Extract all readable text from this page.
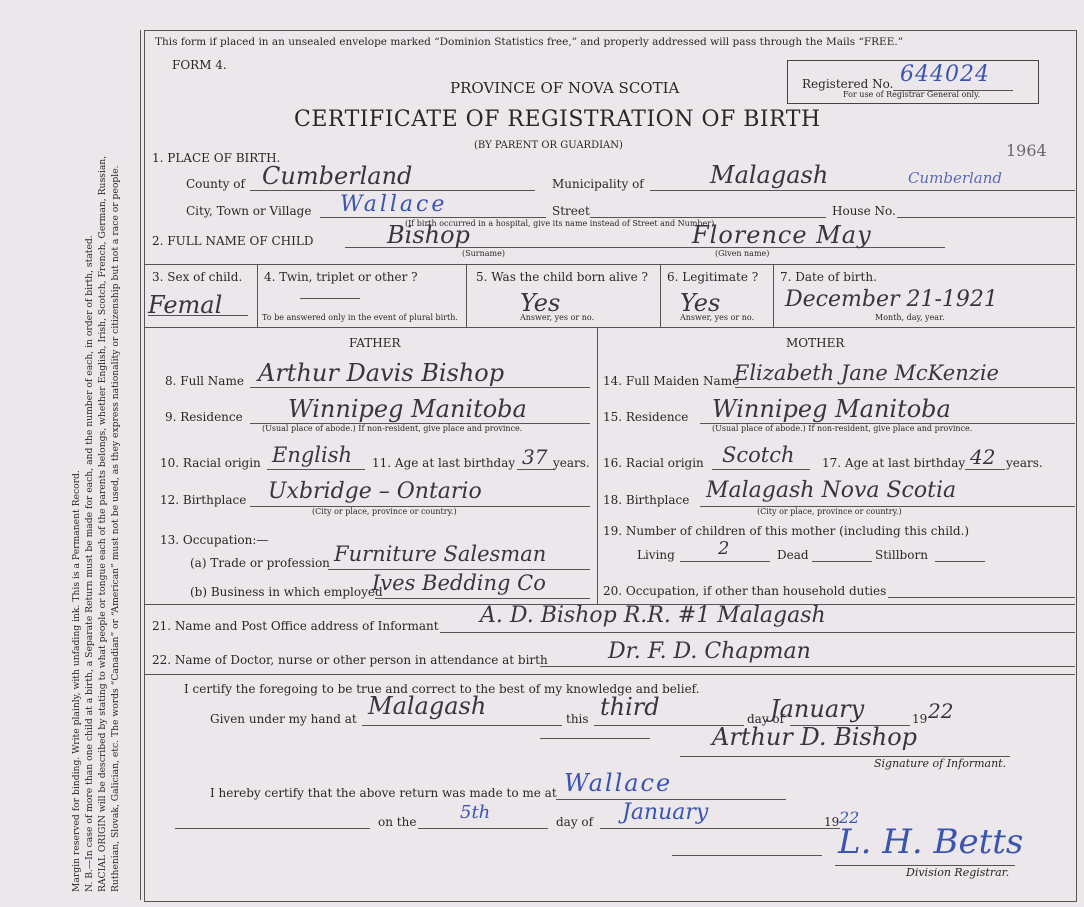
Margin reserved for binding. Write plainly, with unfading ink. This is a Permanent Record. N. B.—In case of more than one child at a birth, a Separate Return must be made for each, and the number of each, in order of birth, stated. RACIAL ORIGIN will be described by stating to what people or tongue each of the parents belongs, whether English, Irish, Scotch, French, German, Russian, Ruthenian, Slovak, Galician, etc. The words “Canadian” or “American” must not be used, as they express nationality or citizenship but not a race or people.
This form if placed in an unsealed envelope marked “Dominion Statistics free,” and properly addressed will pass through the Mails “FREE.”
FORM 4.
PROVINCE OF NOVA SCOTIA
CERTIFICATE OF REGISTRATION OF BIRTH
(BY PARENT OR GUARDIAN)
Registered No. 644024
For use of Registrar General only.
1964
1. PLACE OF BIRTH.
County of Cumberland	Municipality of	Malagash	Cumberland
City, Town or Village Wallace	Street	House No.
(If birth occurred in a hospital, give its name instead of Street and Number)
2. FULL NAME OF CHILD	Bishop
(Surname)
Florence May
(Given name)
3. Sex of child.
Femal
4. Twin, triplet or other ?
To be answered only in the event of plural birth.
5. Was the child born alive ?
Yes
Answer, yes or no.
6. Legitimate ?
Yes
Answer, yes or no.
7. Date of birth.
December 21-1921
Month, day, year.
FATHER	MOTHER
8. Full Name Arthur Davis Bishop	14. Full Maiden Name
Elizabeth Jane McKenzie
9. Residence Winnipeg Manitoba
(Usual place of abode.) If non-resident, give place and province.
15. Residence Winnipeg Manitoba
(Usual place of abode.) If non-resident, give place and province.
10. Racial origin English 11. Age at last birthday 37 years. 16. Racial origin Scotch 17. Age at last birthday 42 years.
12. Birthplace Uxbridge – Ontario
(City or place, province or country.)
18. Birthplace Malagash Nova Scotia
(City or place, province or country.)
13. Occupation:—
(a) Trade or profession Furniture Salesman
(b) Business in which employed
Ives Bedding Co
19. Number of children of this mother (including this child.)
Living 2	Dead	Stillborn
20. Occupation, if other than household duties
21. Name and Post Office address of Informant A. D. Bishop R.R. #1 Malagash
22. Name of Doctor, nurse or other person in attendance at birth	Dr. F. D. Chapman
I certify the foregoing to be true and correct to the best of my knowledge and belief.
Given under my hand at Malagash	this third	day of
January	19 22
Arthur D. Bishop
Signature of Informant.
I hereby certify that the above return was made to me at Wallace
on the 5th	day of January	19 22
L. H. Betts
Division Registrar.
